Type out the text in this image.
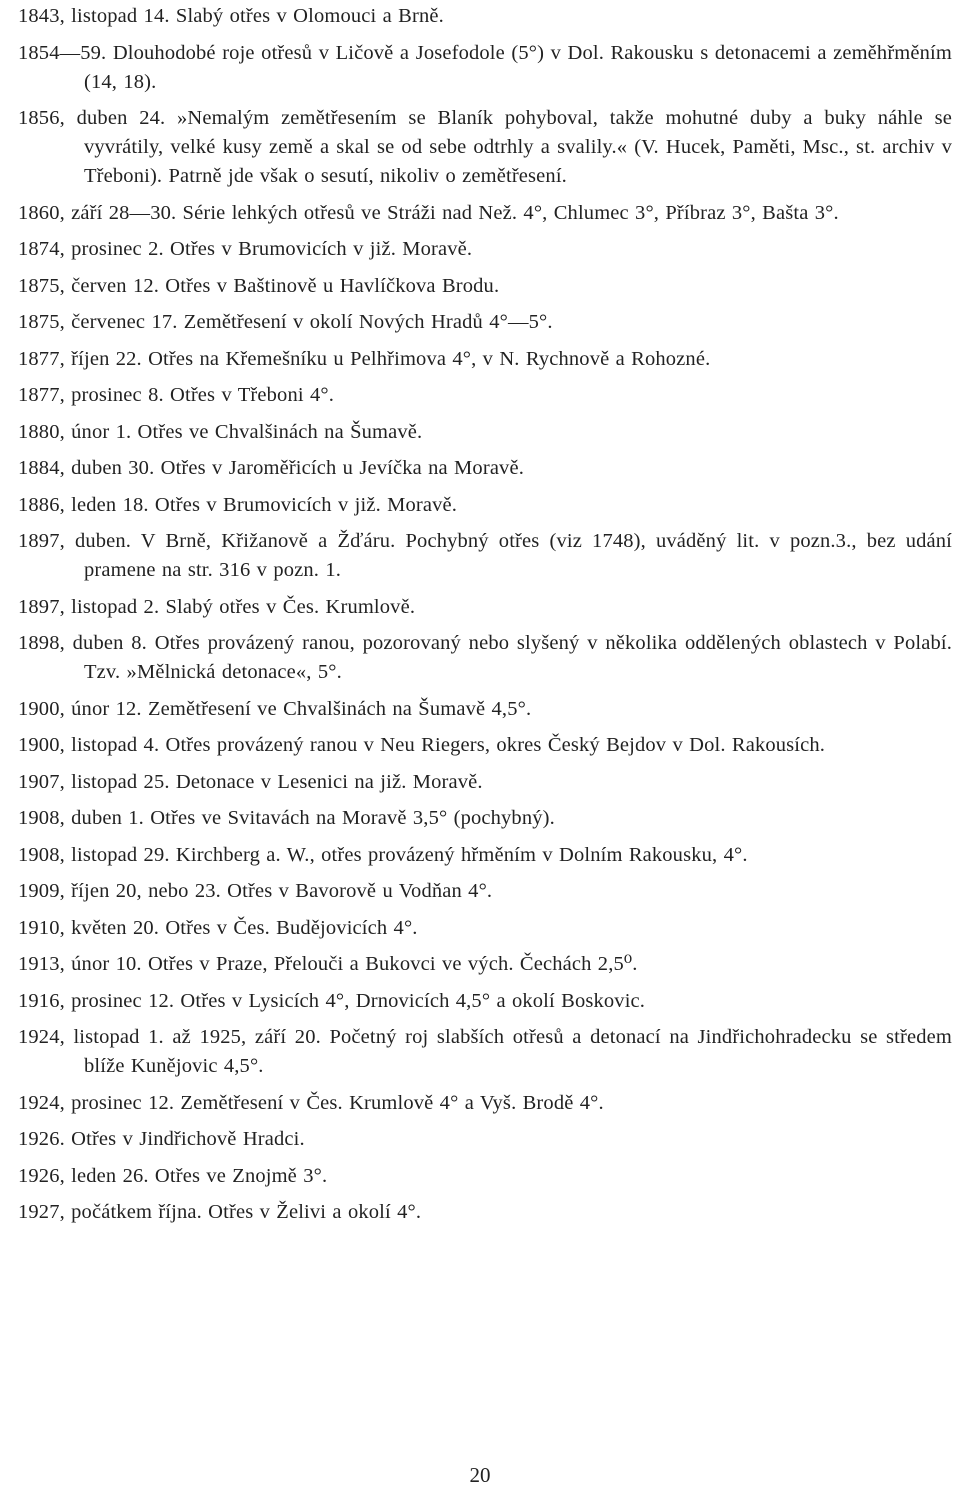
1843, listopad 14. Slabý otřes v Olomouci a Brně.

1854—59. Dlouhodobé roje otřesů v Ličově a Josefodole (5°) v Dol. Rakousku s detonacemi a zeměhřměním (14, 18).

1856, duben 24. »Nemalým zemětřesením se Blaník pohyboval, takže mohutné duby a buky náhle se vyvrátily, velké kusy země a skal se od sebe odtrhly a svalily.« (V. Hucek, Paměti, Msc., st. archiv v Třeboni). Patrně jde však o sesutí, nikoliv o zemětřesení.

1860, září 28—30. Série lehkých otřesů ve Stráži nad Než. 4°, Chlumec 3°, Příbraz 3°, Bašta 3°.

1874, prosinec 2. Otřes v Brumovicích v již. Moravě.

1875, červen 12. Otřes v Baštinově u Havlíčkova Brodu.

1875, červenec 17. Zemětřesení v okolí Nových Hradů 4°—5°.

1877, říjen 22. Otřes na Křemešníku u Pelhřimova 4°, v N. Rychnově a Rohozné.

1877, prosinec 8. Otřes v Třeboni 4°.

1880, únor 1. Otřes ve Chvalšinách na Šumavě.

1884, duben 30. Otřes v Jaroměřicích u Jevíčka na Moravě.

1886, leden 18. Otřes v Brumovicích v již. Moravě.

1897, duben. V Brně, Křižanově a Žďáru. Pochybný otřes (viz 1748), uváděný lit. v pozn.3., bez udání pramene na str. 316 v pozn. 1.

1897, listopad 2. Slabý otřes v Čes. Krumlově.

1898, duben 8. Otřes provázený ranou, pozorovaný nebo slyšený v několika oddělených oblastech v Polabí. Tzv. »Mělnická detonace«, 5°.

1900, únor 12. Zemětřesení ve Chvalšinách na Šumavě 4,5°.

1900, listopad 4. Otřes provázený ranou v Neu Riegers, okres Český Bejdov v Dol. Rakousích.

1907, listopad 25. Detonace v Lesenici na již. Moravě.

1908, duben 1. Otřes ve Svitavách na Moravě 3,5° (pochybný).

1908, listopad 29. Kirchberg a. W., otřes provázený hřměním v Dolním Rakousku, 4°.

1909, říjen 20, nebo 23. Otřes v Bavorově u Vodňan 4°.

1910, květen 20. Otřes v Čes. Budějovicích 4°.

1913, únor 10. Otřes v Praze, Přelouči a Bukovci ve vých. Čechách 2,5⁰.

1916, prosinec 12. Otřes v Lysicích 4°, Drnovicích 4,5° a okolí Boskovic.

1924, listopad 1. až 1925, září 20. Početný roj slabších otřesů a detonací na Jindřichohradecku se středem blíže Kunějovic 4,5°.

1924, prosinec 12. Zemětřesení v Čes. Krumlově 4° a Vyš. Brodě 4°.

1926. Otřes v Jindřichově Hradci.

1926, leden 26. Otřes ve Znojmě 3°.

1927, počátkem října. Otřes v Želivi a okolí 4°.

20
